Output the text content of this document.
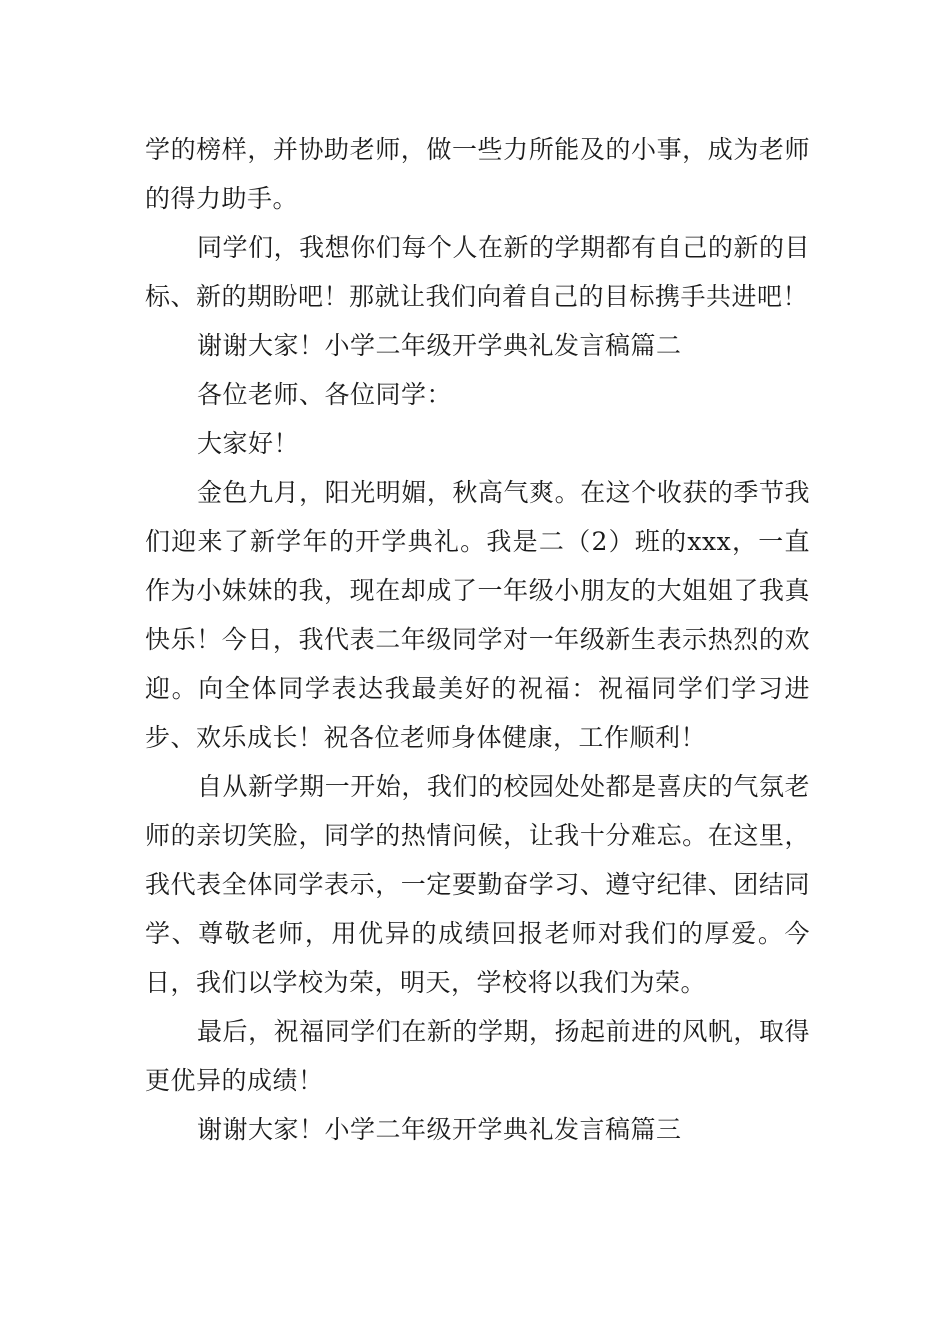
学的榜样，并协助老师，做一些力所能及的小事，成为老师的得力助手。

同学们，我想你们每个人在新的学期都有自己的新的目标、新的期盼吧！那就让我们向着自己的目标携手共进吧！

谢谢大家！小学二年级开学典礼发言稿篇二

各位老师、各位同学：

大家好！

金色九月，阳光明媚，秋高气爽。在这个收获的季节我们迎来了新学年的开学典礼。我是二（2）班的xxx，一直作为小妹妹的我，现在却成了一年级小朋友的大姐姐了我真快乐！今日，我代表二年级同学对一年级新生表示热烈的欢迎。向全体同学表达我最美好的祝福：祝福同学们学习进步、欢乐成长！祝各位老师身体健康，工作顺利！

自从新学期一开始，我们的校园处处都是喜庆的气氛老师的亲切笑脸，同学的热情问候，让我十分难忘。在这里，我代表全体同学表示，一定要勤奋学习、遵守纪律、团结同学、尊敬老师，用优异的成绩回报老师对我们的厚爱。今日，我们以学校为荣，明天，学校将以我们为荣。

最后，祝福同学们在新的学期，扬起前进的风帆，取得更优异的成绩！

谢谢大家！小学二年级开学典礼发言稿篇三
